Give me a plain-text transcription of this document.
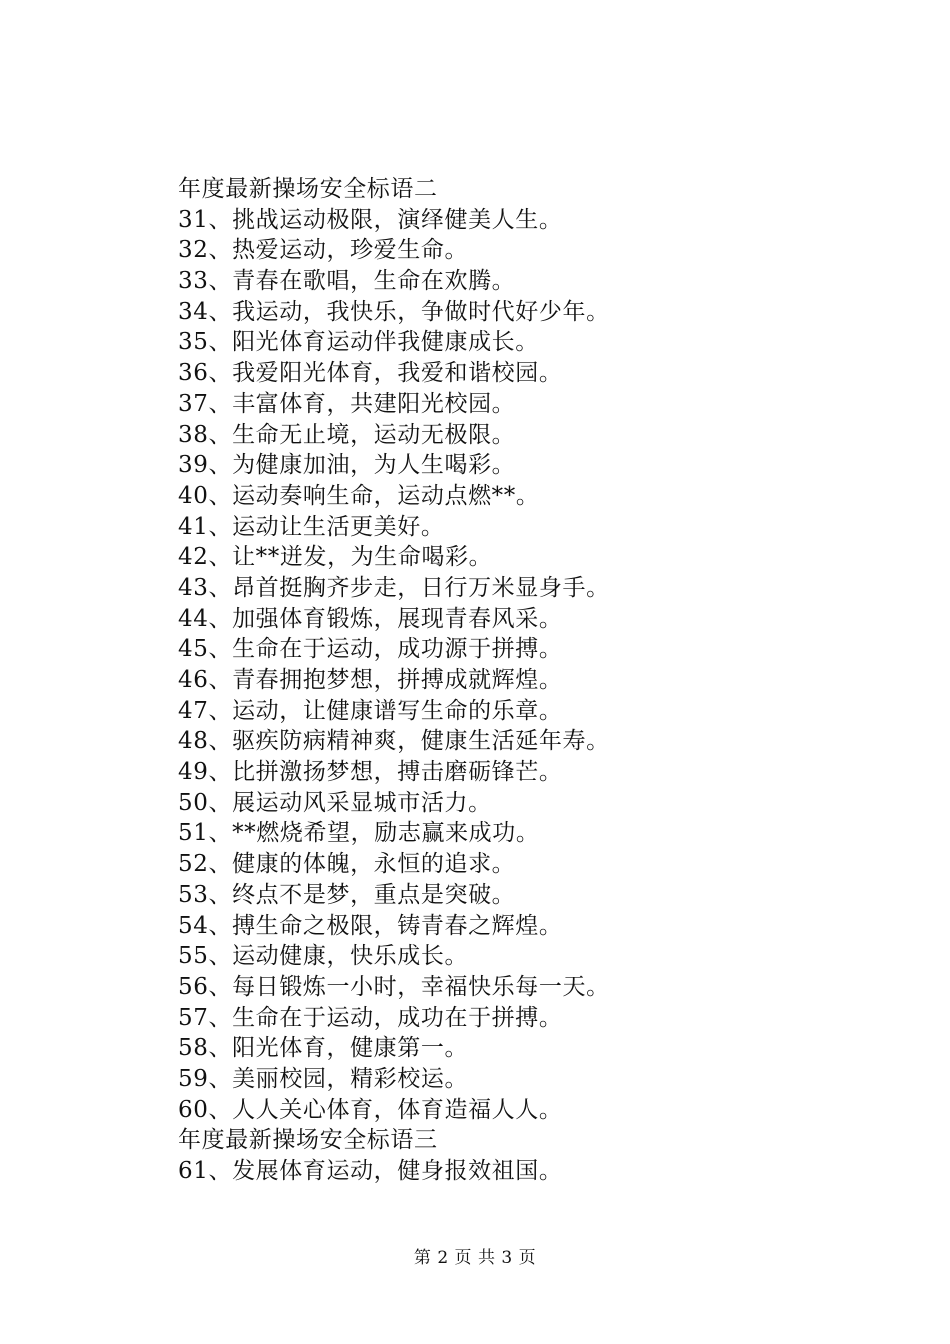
年度最新操场安全标语二
31、挑战运动极限，演绎健美人生。
32、热爱运动，珍爱生命。
33、青春在歌唱，生命在欢腾。
34、我运动，我快乐，争做时代好少年。
35、阳光体育运动伴我健康成长。
36、我爱阳光体育，我爱和谐校园。
37、丰富体育，共建阳光校园。
38、生命无止境，运动无极限。
39、为健康加油，为人生喝彩。
40、运动奏响生命，运动点燃**。
41、运动让生活更美好。
42、让**迸发，为生命喝彩。
43、昂首挺胸齐步走，日行万米显身手。
44、加强体育锻炼，展现青春风采。
45、生命在于运动，成功源于拼搏。
46、青春拥抱梦想，拼搏成就辉煌。
47、运动，让健康谱写生命的乐章。
48、驱疾防病精神爽，健康生活延年寿。
49、比拼激扬梦想，搏击磨砺锋芒。
50、展运动风采显城市活力。
51、**燃烧希望，励志赢来成功。
52、健康的体魄，永恒的追求。
53、终点不是梦，重点是突破。
54、搏生命之极限，铸青春之辉煌。
55、运动健康，快乐成长。
56、每日锻炼一小时，幸福快乐每一天。
57、生命在于运动，成功在于拼搏。
58、阳光体育，健康第一。
59、美丽校园，精彩校运。
60、人人关心体育，体育造福人人。
年度最新操场安全标语三
61、发展体育运动，健身报效祖国。
第 2 页 共 3 页
